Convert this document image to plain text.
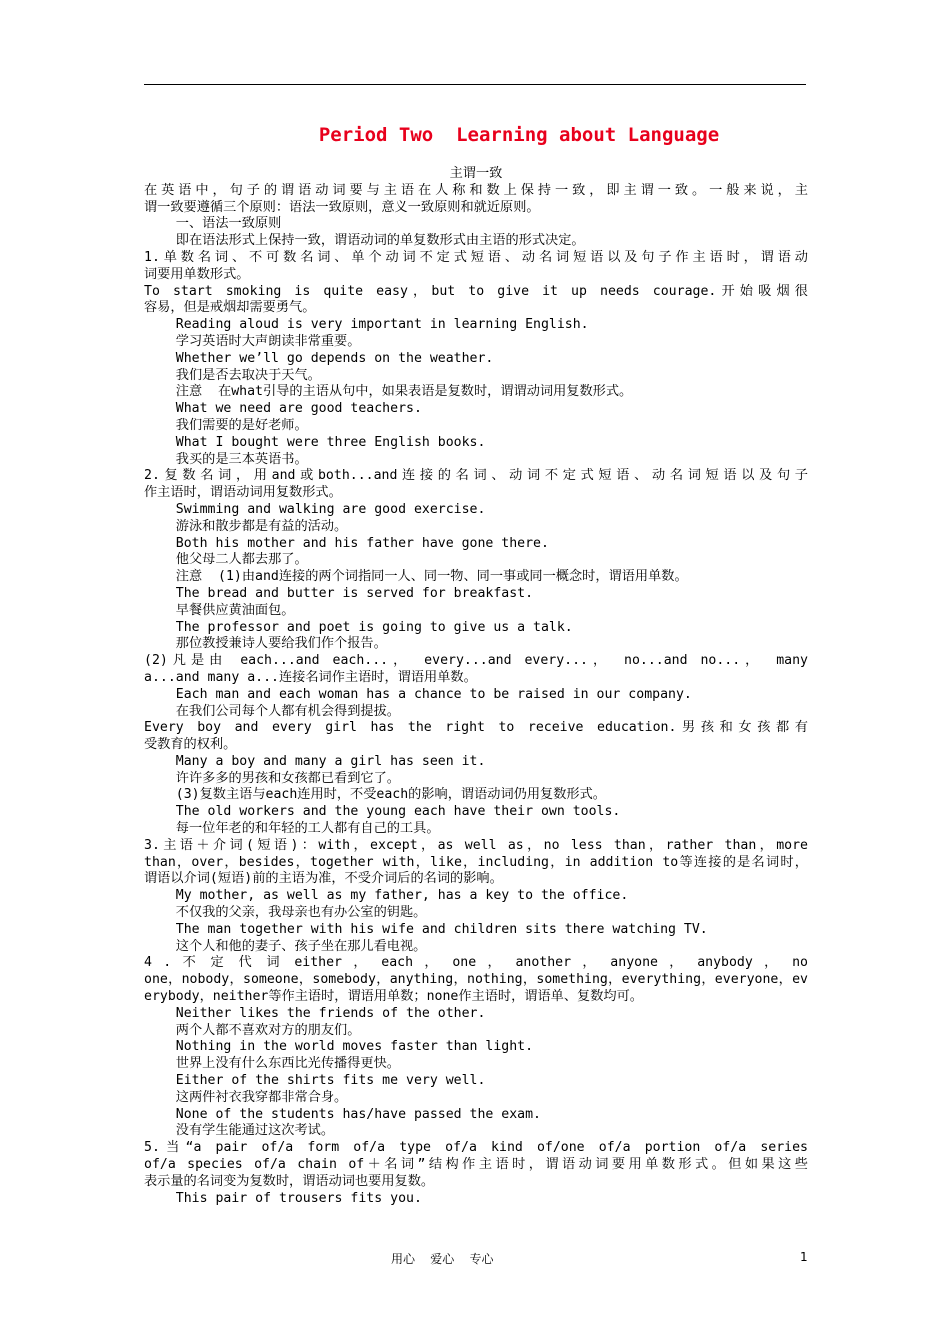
Period Two  Learning about Language
主谓一致
在英语中，句子的谓语动词要与主语在人称和数上保持一致，即主谓一致。一般来说，主
谓一致要遵循三个原则：语法一致原则，意义一致原则和就近原则。
一、语法一致原则
即在语法形式上保持一致，谓语动词的单复数形式由主语的形式决定。
1.单数名词、不可数名词、单个动词不定式短语、动名词短语以及句子作主语时，谓语动
词要用单数形式。
To start smoking is quite easy，but to give it up needs courage.开始吸烟很
容易，但是戒烟却需要勇气。
Reading aloud is very important in learning English.
学习英语时大声朗读非常重要。
Whether we’ll go depends on the weather.
我们是否去取决于天气。
注意  在what引导的主语从句中，如果表语是复数时，谓谓动词用复数形式。
What we need are good teachers.
我们需要的是好老师。
What I bought were three English books.
我买的是三本英语书。
2.复数名词，用and或both...and连接的名词、动词不定式短语、动名词短语以及句子
作主语时，谓语动词用复数形式。
Swimming and walking are good exercise.
游泳和散步都是有益的活动。
Both his mother and his father have gone there.
他父母二人都去那了。
注意  (1)由and连接的两个词指同一人、同一物、同一事或同一概念时，谓语用单数。
The bread and butter is served for breakfast.
早餐供应黄油面包。
The professor and poet is going to give us a talk.
那位教授兼诗人要给我们作个报告。
(2)凡是由 each...and each...， every...and every...， no...and no...， many
a...and many a...连接名词作主语时，谓语用单数。
Each man and each woman has a chance to be raised in our company.
在我们公司每个人都有机会得到提拔。
Every boy and every girl has the right to receive education.男孩和女孩都有
受教育的权利。
Many a boy and many a girl has seen it.
许许多多的男孩和女孩都已看到它了。
(3)复数主语与each连用时，不受each的影响，谓语动词仍用复数形式。
The old workers and the young each have their own tools.
每一位年老的和年轻的工人都有自己的工具。
3.主语＋介词(短语)：with，except，as well as，no less than，rather than，more
than，over，besides，together with，like，including，in addition to等连接的是名词时，
谓语以介词(短语)前的主语为准，不受介词后的名词的影响。
My mother, as well as my father, has a key to the office.
不仅我的父亲，我母亲也有办公室的钥匙。
The man together with his wife and children sits there watching TV.
这个人和他的妻子、孩子坐在那儿看电视。
4 . 不 定 代 词 either ， each ， one ， another ， anyone ， anybody ， no
one，nobody，someone，somebody，anything，nothing，something，everything，everyone，ev
erybody，neither等作主语时，谓语用单数；none作主语时，谓语单、复数均可。
Neither likes the friends of the other.
两个人都不喜欢对方的朋友们。
Nothing in the world moves faster than light.
世界上没有什么东西比光传播得更快。
Either of the shirts fits me very well.
这两件衬衣我穿都非常合身。
None of the students has/have passed the exam.
没有学生能通过这次考试。
5.当“a pair of/a form of/a type of/a kind of/one of/a portion of/a series
of/a species of/a chain of＋名词”结构作主语时，谓语动词要用单数形式。但如果这些
表示量的名词变为复数时，谓语动词也要用复数。
This pair of trousers fits you.
用心    爱心    专心	1
